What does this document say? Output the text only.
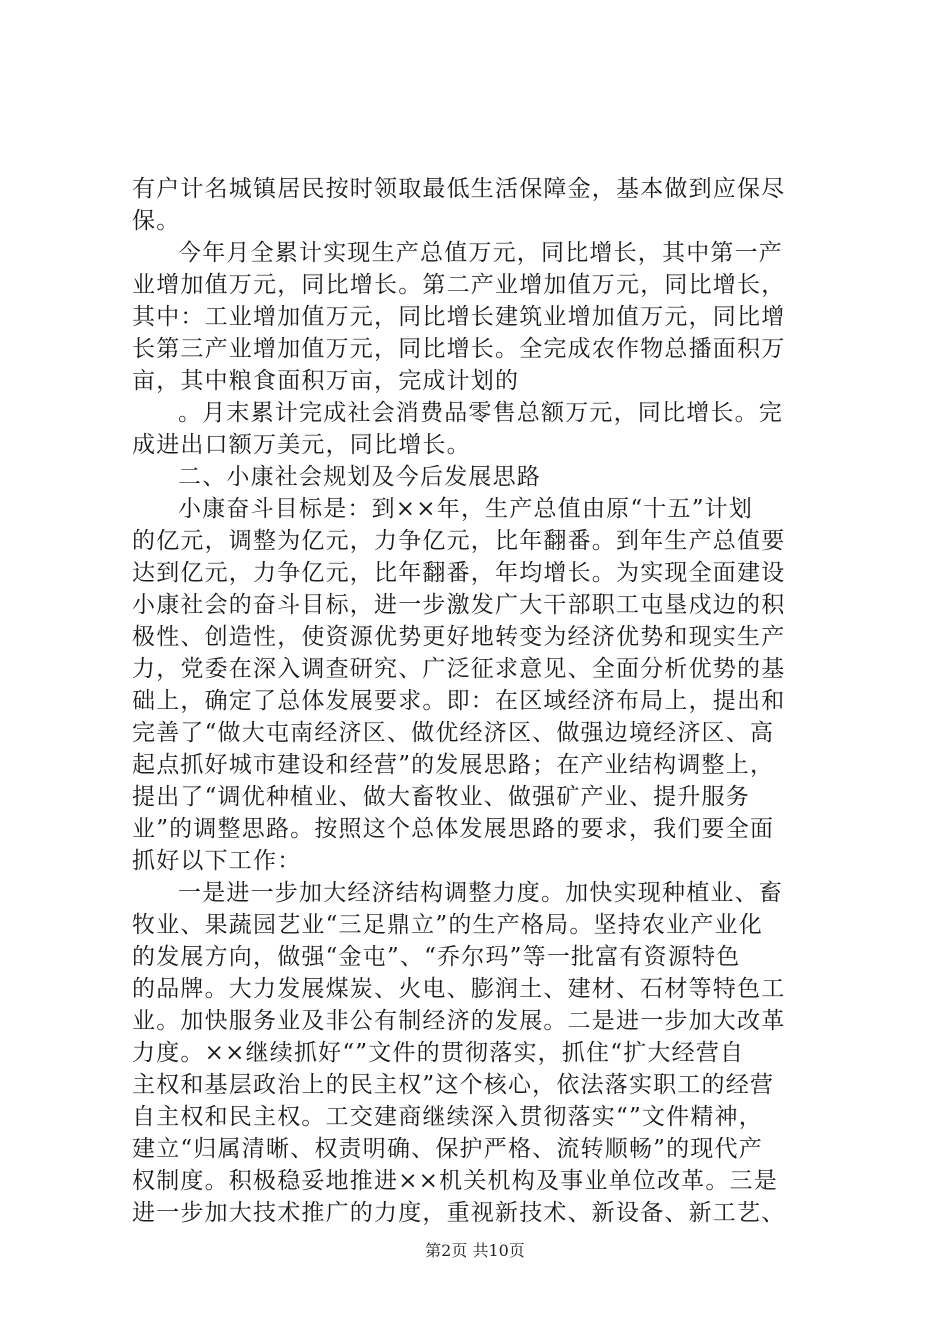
有户计名城镇居民按时领取最低生活保障金，基本做到应保尽
保。
今年月全累计实现生产总值万元，同比增长，其中第一产
业增加值万元，同比增长。第二产业增加值万元，同比增长，
其中：工业增加值万元，同比增长建筑业增加值万元，同比增
长第三产业增加值万元，同比增长。全完成农作物总播面积万
亩，其中粮食面积万亩，完成计划的
。月末累计完成社会消费品零售总额万元，同比增长。完
成进出口额万美元，同比增长。
二、小康社会规划及今后发展思路
小康奋斗目标是：到××年，生产总值由原“十五”计划
的亿元，调整为亿元，力争亿元，比年翻番。到年生产总值要
达到亿元，力争亿元，比年翻番，年均增长。为实现全面建设
小康社会的奋斗目标，进一步激发广大干部职工屯垦戍边的积
极性、创造性，使资源优势更好地转变为经济优势和现实生产
力，党委在深入调查研究、广泛征求意见、全面分析优势的基
础上，确定了总体发展要求。即：在区域经济布局上，提出和
完善了“做大屯南经济区、做优经济区、做强边境经济区、高
起点抓好城市建设和经营”的发展思路；在产业结构调整上，
提出了“调优种植业、做大畜牧业、做强矿产业、提升服务
业”的调整思路。按照这个总体发展思路的要求，我们要全面
抓好以下工作：
一是进一步加大经济结构调整力度。加快实现种植业、畜
牧业、果蔬园艺业“三足鼎立”的生产格局。坚持农业产业化
的发展方向，做强“金屯”、“乔尔玛”等一批富有资源特色
的品牌。大力发展煤炭、火电、膨润土、建材、石材等特色工
业。加快服务业及非公有制经济的发展。二是进一步加大改革
力度。××继续抓好“”文件的贯彻落实，抓住“扩大经营自
主权和基层政治上的民主权”这个核心，依法落实职工的经营
自主权和民主权。工交建商继续深入贯彻落实“”文件精神，
建立“归属清晰、权责明确、保护严格、流转顺畅”的现代产
权制度。积极稳妥地推进××机关机构及事业单位改革。三是
进一步加大技术推广的力度，重视新技术、新设备、新工艺、
第2页 共10页
